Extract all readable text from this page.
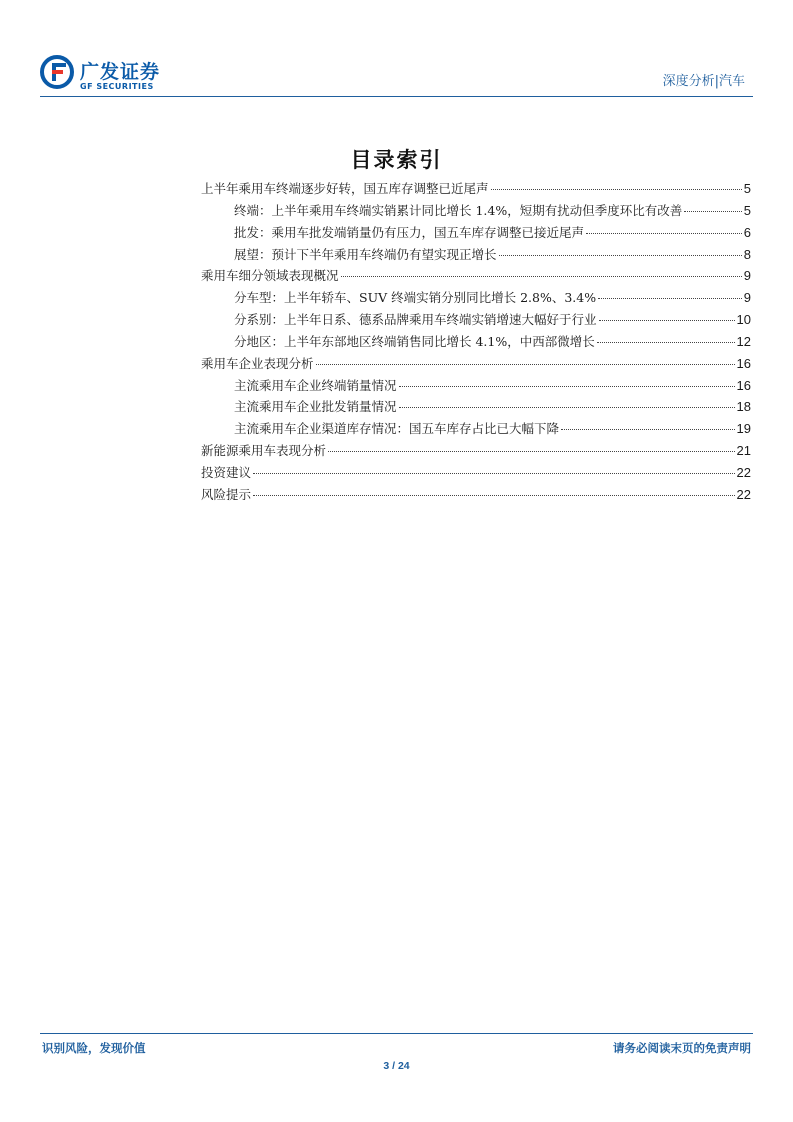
广发证券
GF SECURITIES	深度分析|汽车
目录索引
上半年乘用车终端逐步好转，国五库存调整已近尾声	5
终端：上半年乘用车终端实销累计同比增长 1.4%，短期有扰动但季度环比有改善	5
批发：乘用车批发端销量仍有压力，国五车库存调整已接近尾声	6
展望：预计下半年乘用车终端仍有望实现正增长	8
乘用车细分领域表现概况	9
分车型：上半年轿车、SUV 终端实销分别同比增长 2.8%、3.4%	9
分系别：上半年日系、德系品牌乘用车终端实销增速大幅好于行业	10
分地区：上半年东部地区终端销售同比增长 4.1%，中西部微增长	12
乘用车企业表现分析	16
主流乘用车企业终端销量情况	16
主流乘用车企业批发销量情况	18
主流乘用车企业渠道库存情况：国五车库存占比已大幅下降	19
新能源乘用车表现分析	21
投资建议	22
风险提示	22
识别风险，发现价值	请务必阅读末页的免责声明
3 / 24
